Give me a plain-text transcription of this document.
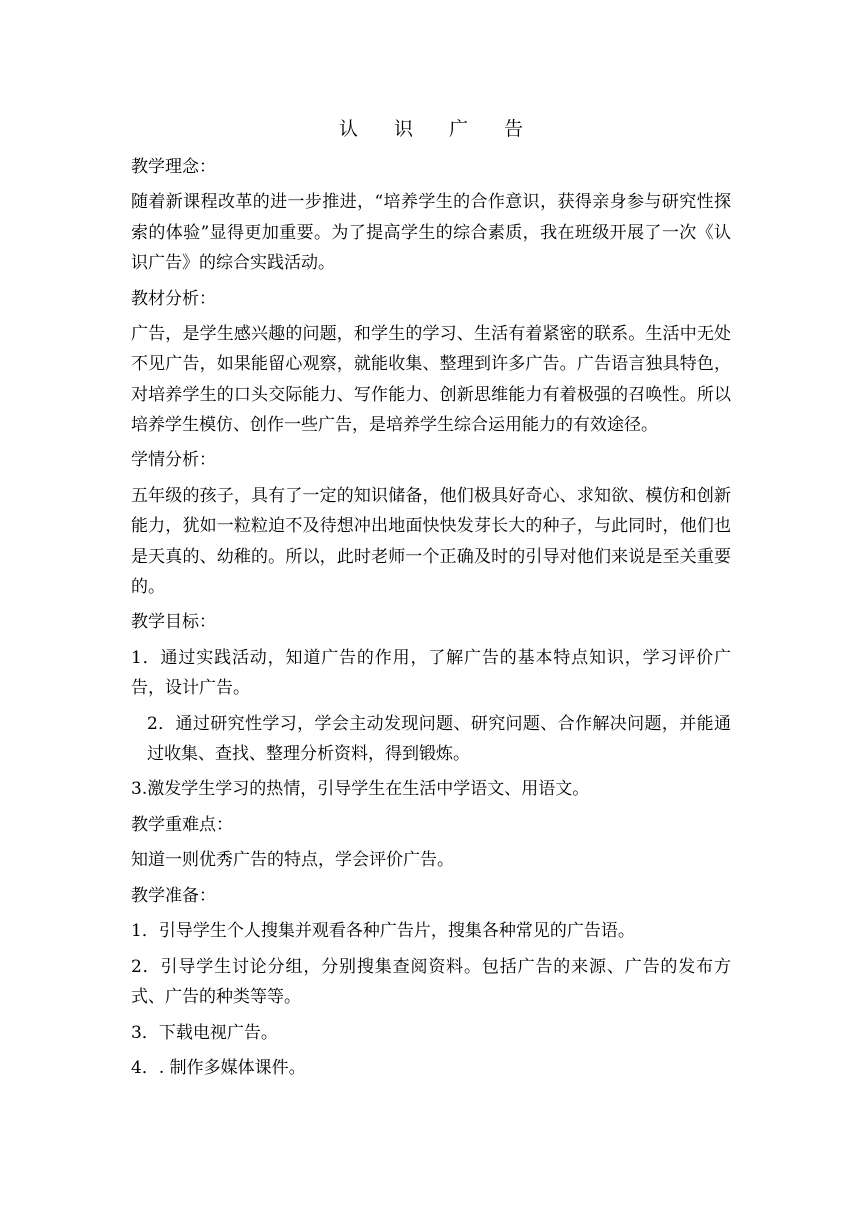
认 识 广 告

教学理念：

随着新课程改革的进一步推进，“培养学生的合作意识，获得亲身参与研究性探索的体验”显得更加重要。为了提高学生的综合素质，我在班级开展了一次《认识广告》的综合实践活动。

教材分析：

广告，是学生感兴趣的问题，和学生的学习、生活有着紧密的联系。生活中无处不见广告，如果能留心观察，就能收集、整理到许多广告。广告语言独具特色，对培养学生的口头交际能力、写作能力、创新思维能力有着极强的召唤性。所以培养学生模仿、创作一些广告，是培养学生综合运用能力的有效途径。

学情分析：

五年级的孩子，具有了一定的知识储备，他们极具好奇心、求知欲、模仿和创新能力，犹如一粒粒迫不及待想冲出地面快快发芽长大的种子，与此同时，他们也是天真的、幼稚的。所以，此时老师一个正确及时的引导对他们来说是至关重要的。

教学目标：

1．通过实践活动，知道广告的作用，了解广告的基本特点知识，学习评价广告，设计广告。

2．通过研究性学习，学会主动发现问题、研究问题、合作解决问题，并能通过收集、查找、整理分析资料，得到锻炼。

3.激发学生学习的热情，引导学生在生活中学语文、用语文。

教学重难点：

知道一则优秀广告的特点，学会评价广告。

教学准备：

1．引导学生个人搜集并观看各种广告片，搜集各种常见的广告语。

2．引导学生讨论分组，分别搜集查阅资料。包括广告的来源、广告的发布方式、广告的种类等等。

3．下载电视广告。

4．. 制作多媒体课件。
